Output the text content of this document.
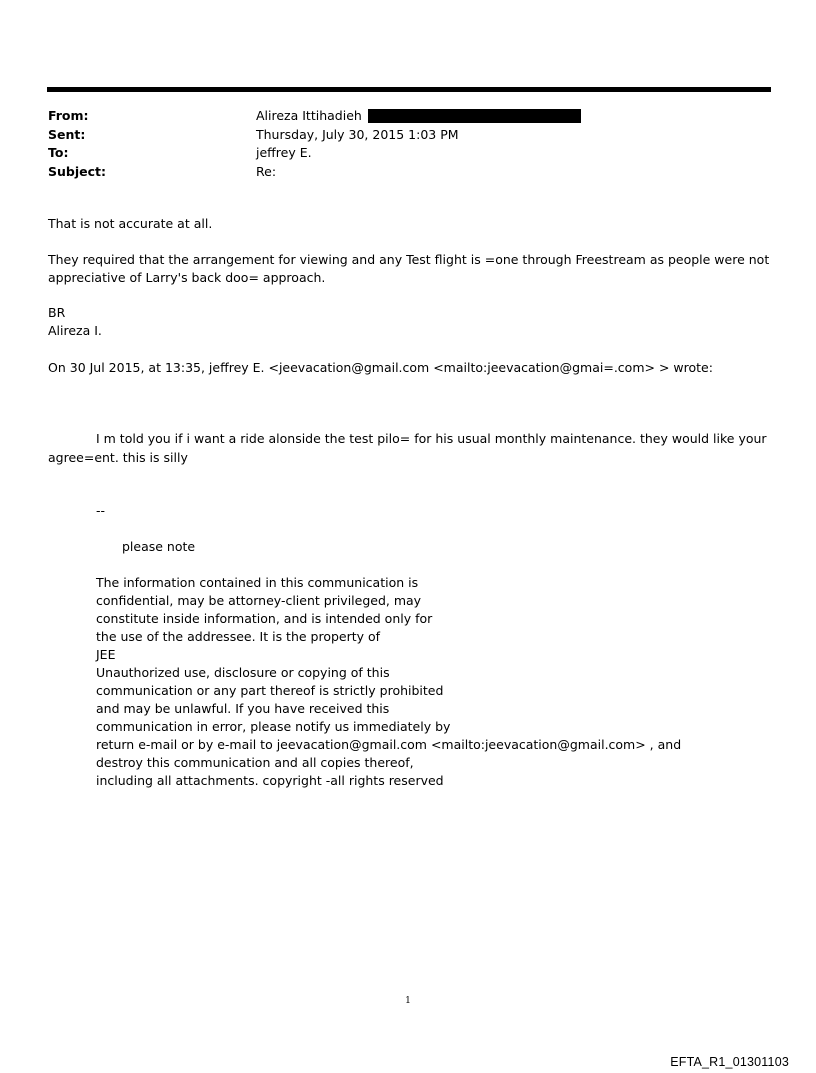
From:	Alireza Ittihadieh
Sent:	Thursday, July 30, 2015 1:03 PM
To:	jeffrey E.
Subject:	Re:
That is not accurate at all.
They required that the arrangement for viewing and any Test flight is =one through Freestream as people were not
appreciative of Larry's back doo= approach.
BR
Alireza I.
On 30 Jul 2015, at 13:35, jeffrey E. <jeevacation@gmail.com <mailto:jeevacation@gmai=.com> > wrote:
I m told you if i want a ride alonside the test pilo= for his usual monthly maintenance. they would like your
agree=ent. this is silly
--
please note
The information contained in this communication is
confidential, may be attorney-client privileged, may
constitute inside information, and is intended only for
the use of the addressee. It is the property of
JEE
Unauthorized use, disclosure or copying of this
communication or any part thereof is strictly prohibited
and may be unlawful. If you have received this
communication in error, please notify us immediately by
return e-mail or by e-mail to jeevacation@gmail.com <mailto:jeevacation@gmail.com> , and
destroy this communication and all copies thereof,
including all attachments. copyright -all rights reserved
1
EFTA_R1_01301103
